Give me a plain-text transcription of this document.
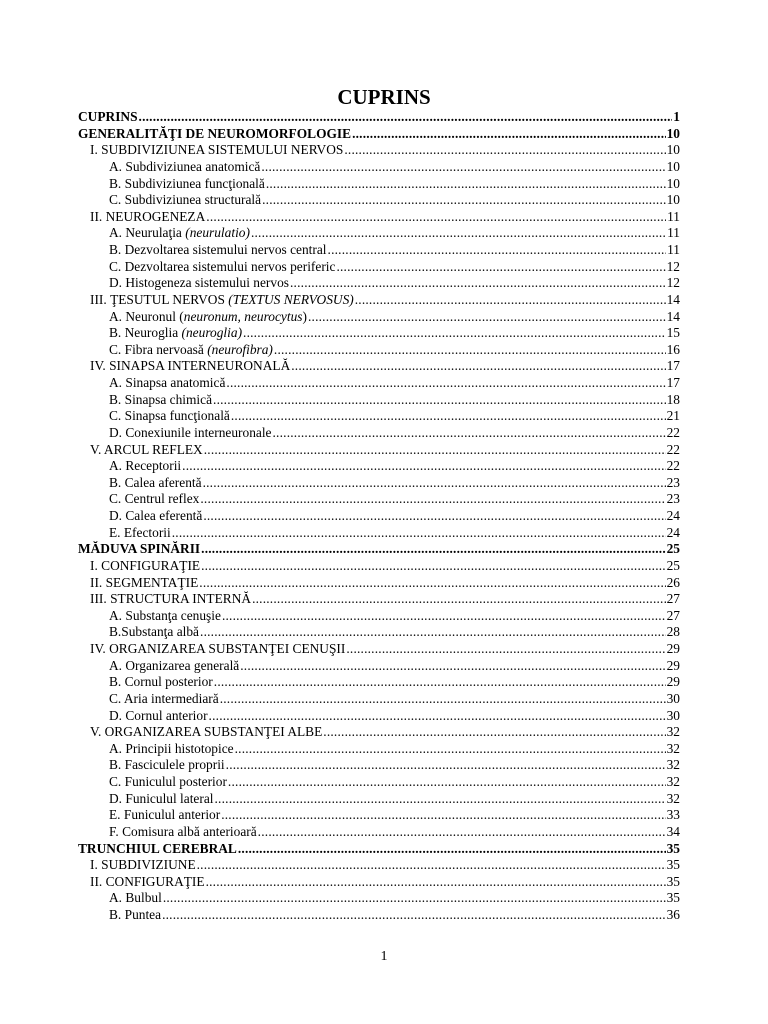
CUPRINS
CUPRINS .....	1
GENERALITĂŢI DE NEUROMORFOLOGIE .....	10
I. SUBDIVIZIUNEA SISTEMULUI NERVOS .....	10
A. Subdiviziunea anatomică .....	10
B. Subdiviziunea funcţională .....	10
C. Subdiviziunea structurală .....	10
II. NEUROGENEZA .....	11
A. Neurulaţia (neurulatio) .....	11
B. Dezvoltarea sistemului nervos central .....	11
C. Dezvoltarea sistemului nervos periferic .....	12
D. Histogeneza sistemului nervos .....	12
III. ŢESUTUL NERVOS (TEXTUS NERVOSUS) .....	14
A. Neuronul (neuronum, neurocytus) .....	14
B. Neuroglia (neuroglia) .....	15
C. Fibra nervoasă (neurofibra) .....	16
IV. SINAPSA INTERNEURONALĂ .....	17
A. Sinapsa anatomică .....	17
B. Sinapsa chimică .....	18
C. Sinapsa funcţională .....	21
D. Conexiunile interneuronale .....	22
V. ARCUL REFLEX .....	22
A. Receptorii .....	22
B. Calea aferentă .....	23
C. Centrul reflex .....	23
D. Calea eferentă .....	24
E. Efectorii .....	24
MĂDUVA SPINĂRII .....	25
I. CONFIGURAŢIE .....	25
II. SEGMENTAŢIE .....	26
III. STRUCTURA INTERNĂ .....	27
A. Substanţa cenuşie .....	27
B.Substanţa albă .....	28
IV. ORGANIZAREA SUBSTANŢEI CENUŞII .....	29
A. Organizarea generală .....	29
B. Cornul posterior .....	29
C. Aria intermediară .....	30
D. Cornul anterior .....	30
V. ORGANIZAREA SUBSTANŢEI ALBE .....	32
A. Principii histotopice .....	32
B. Fasciculele proprii .....	32
C. Funiculul posterior .....	32
D. Funiculul lateral .....	32
E. Funiculul anterior .....	33
F. Comisura albă anterioară .....	34
TRUNCHIUL CEREBRAL .....	35
I. SUBDIVIZIUNE .....	35
II. CONFIGURAŢIE .....	35
A. Bulbul .....	35
B. Puntea .....	36
1
